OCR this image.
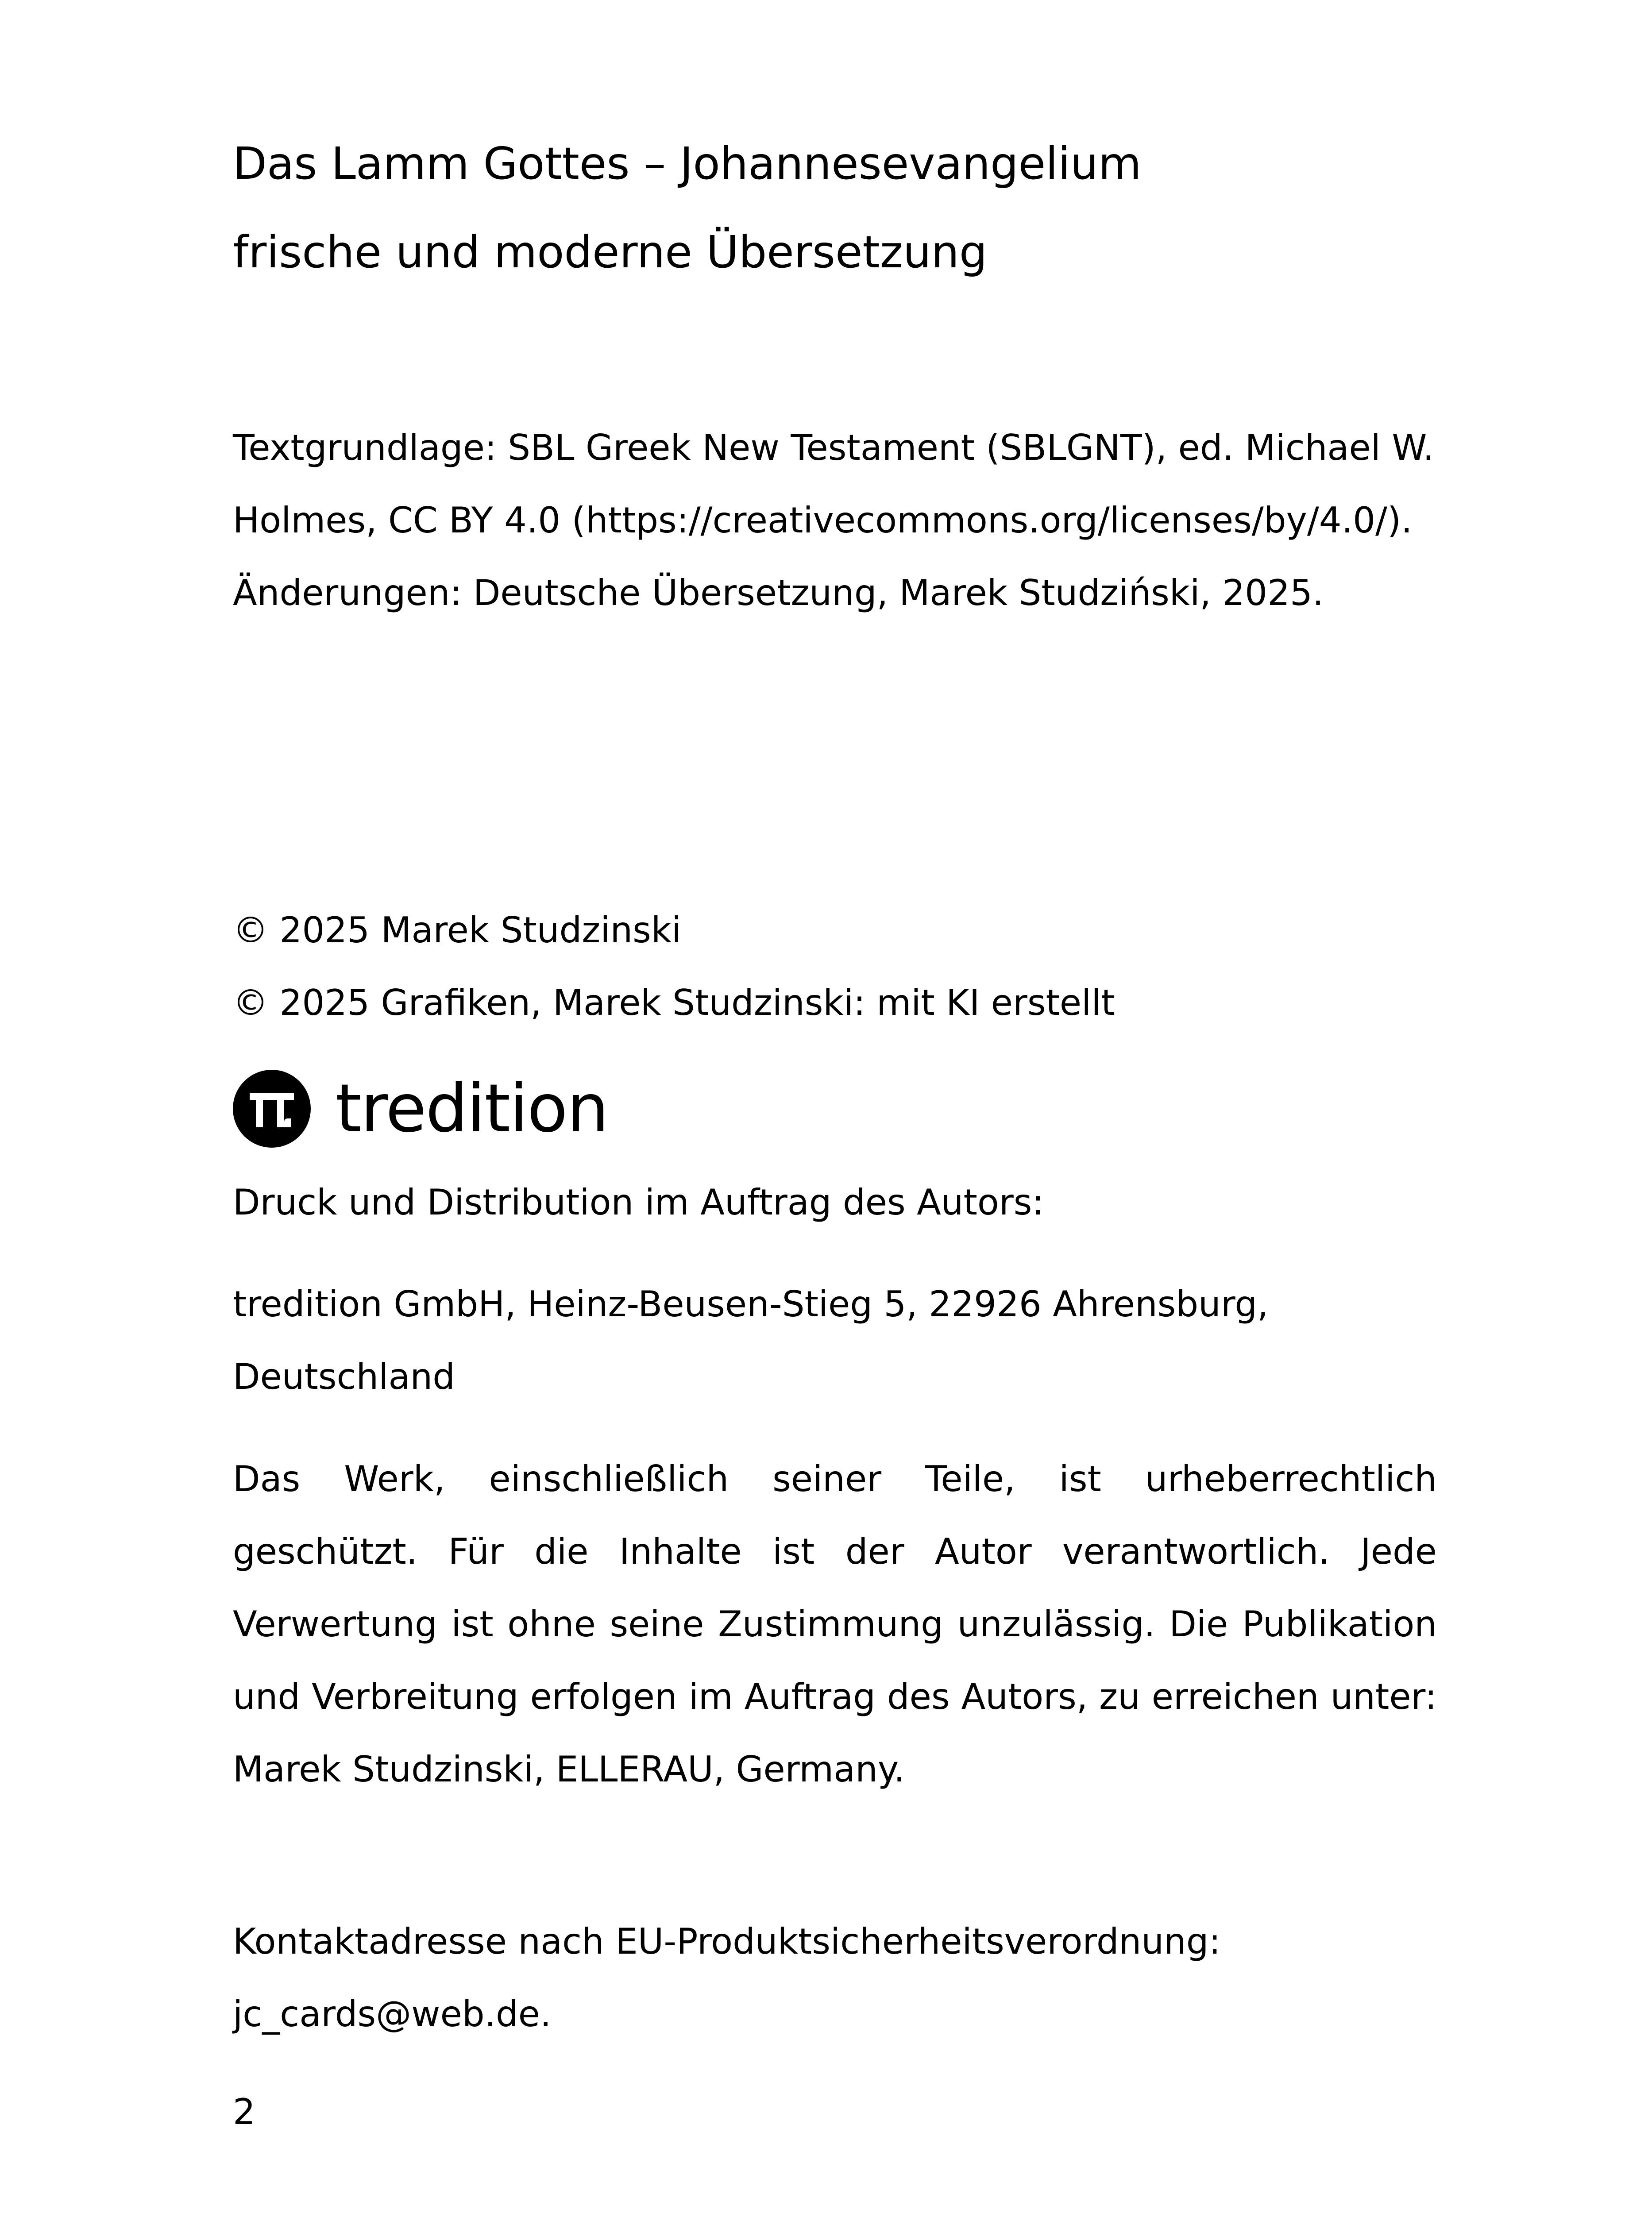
Das Lamm Gottes – Johannesevangelium
frische und moderne Übersetzung
Textgrundlage: SBL Greek New Testament (SBLGNT), ed. Michael W.
Holmes, CC BY 4.0 (https://creativecommons.org/licenses/by/4.0/).
Änderungen: Deutsche Übersetzung, Marek Studziński, 2025.
© 2025 Marek Studzinski
© 2025 Grafiken, Marek Studzinski: mit KI erstellt
tredition
Druck und Distribution im Auftrag des Autors:
tredition GmbH, Heinz-Beusen-Stieg 5, 22926 Ahrensburg,
Deutschland
Das Werk, einschließlich seiner Teile, ist urheberrechtlich geschützt. Für die Inhalte ist der Autor verantwortlich. Jede Verwertung ist ohne seine Zustimmung unzulässig. Die Publikation und Verbreitung erfolgen im Auftrag des Autors, zu erreichen unter: Marek Studzinski, ELLERAU, Germany.
Kontaktadresse nach EU-Produktsicherheitsverordnung:
jc_cards@web.de.
2
